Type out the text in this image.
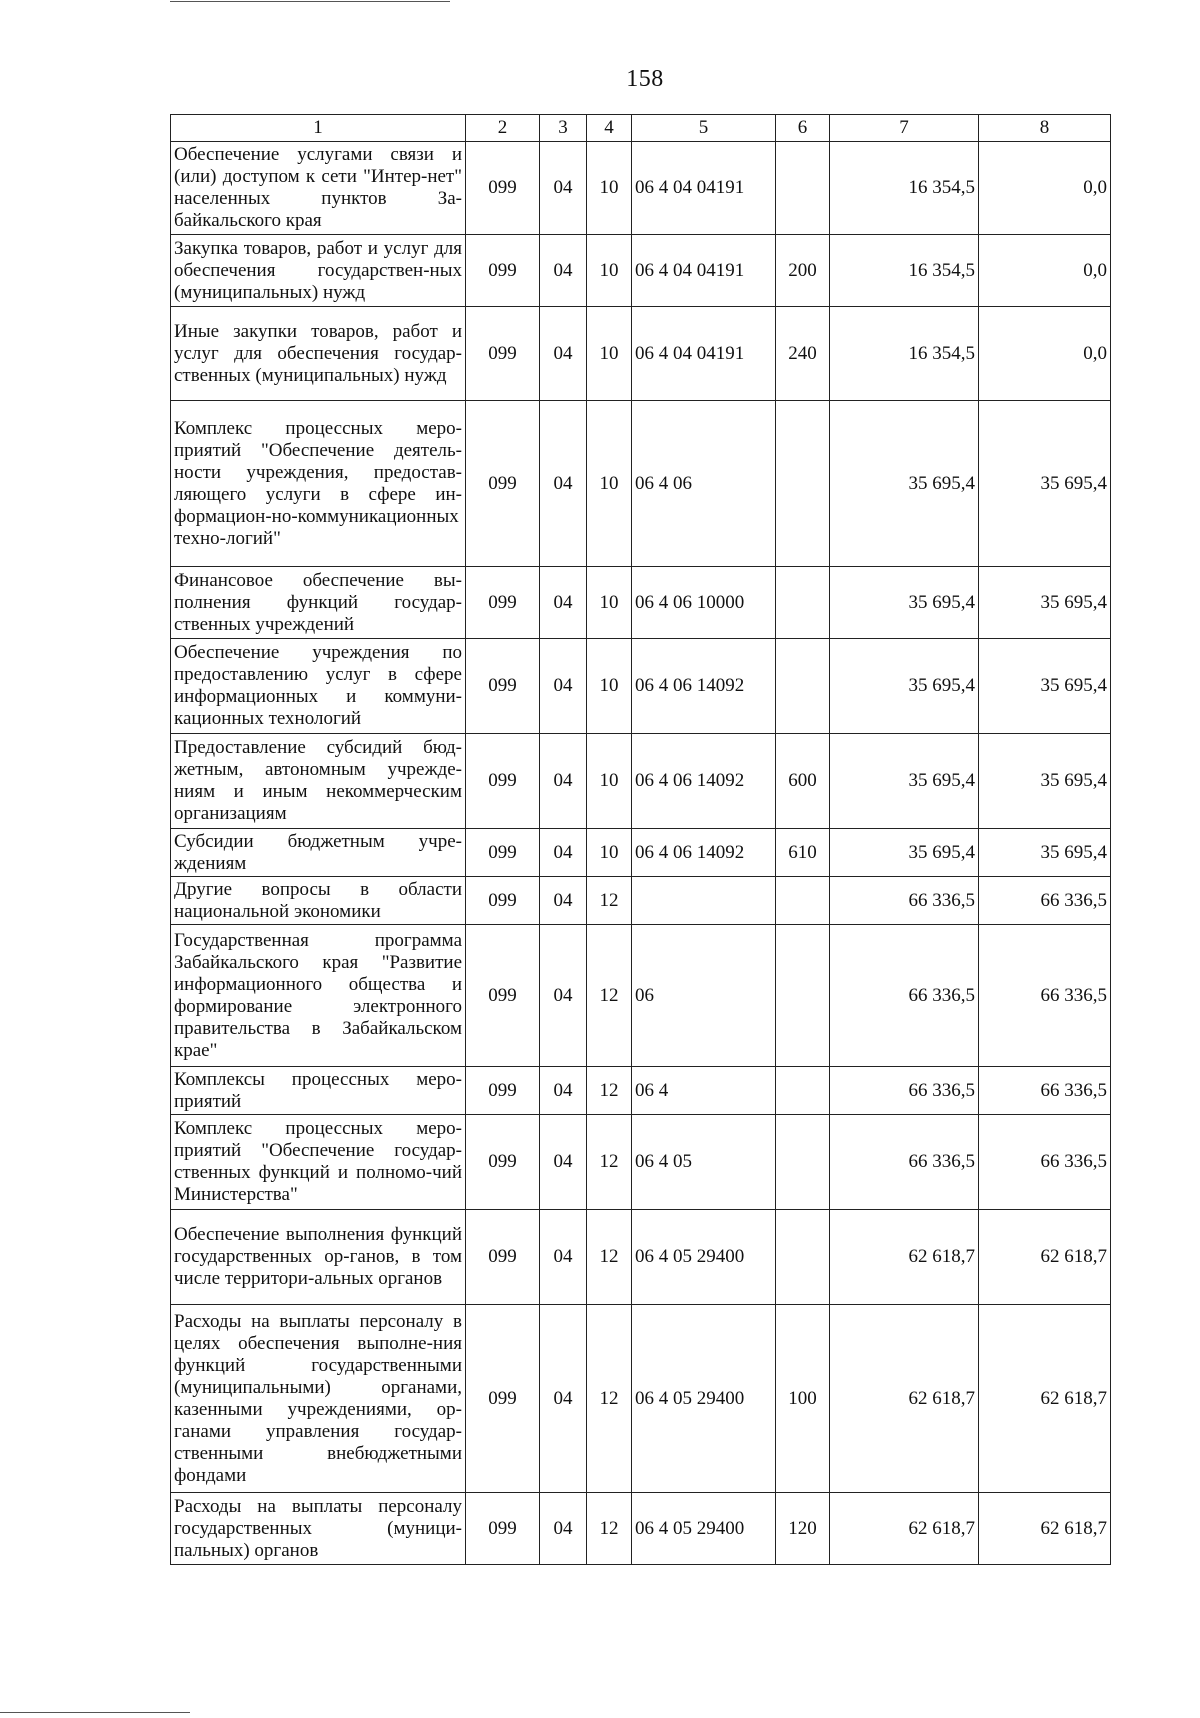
158
1	2	3	4	5	6	7	8
Обеспечение услугами связи и (или) доступом к сети "Интер-нет" населенных пунктов За-байкальского края	099	04	10	06 4 04 04191		16 354,5	0,0
Закупка товаров, работ и услуг для обеспечения государствен-ных (муниципальных) нужд	099	04	10	06 4 04 04191	200	16 354,5	0,0
Иные закупки товаров, работ и услуг для обеспечения государ-ственных (муниципальных) нужд	099	04	10	06 4 04 04191	240	16 354,5	0,0
Комплекс процессных меро-приятий "Обеспечение деятель-ности учреждения, предостав-ляющего услуги в сфере ин-формацион-но-коммуникационных техно-логий"	099	04	10	06 4 06		35 695,4	35 695,4
Финансовое обеспечение вы-полнения функций государ-ственных учреждений	099	04	10	06 4 06 10000		35 695,4	35 695,4
Обеспечение учреждения по предоставлению услуг в сфере информационных и коммуни-кационных технологий	099	04	10	06 4 06 14092		35 695,4	35 695,4
Предоставление субсидий бюд-жетным, автономным учрежде-ниям и иным некоммерческим организациям	099	04	10	06 4 06 14092	600	35 695,4	35 695,4
Субсидии бюджетным учре-ждениям	099	04	10	06 4 06 14092	610	35 695,4	35 695,4
Другие вопросы в области национальной экономики	099	04	12			66 336,5	66 336,5
Государственная программа Забайкальского края "Развитие информационного общества и формирование электронного правительства в Забайкальском крае"	099	04	12	06		66 336,5	66 336,5
Комплексы процессных меро-приятий	099	04	12	06 4		66 336,5	66 336,5
Комплекс процессных меро-приятий "Обеспечение государ-ственных функций и полномо-чий Министерства"	099	04	12	06 4 05		66 336,5	66 336,5
Обеспечение выполнения функций государственных ор-ганов, в том числе территори-альных органов	099	04	12	06 4 05 29400		62 618,7	62 618,7
Расходы на выплаты персоналу в целях обеспечения выполне-ния функций государственными (муниципальными) органами, казенными учреждениями, ор-ганами управления государ-ственными внебюджетными фондами	099	04	12	06 4 05 29400	100	62 618,7	62 618,7
Расходы на выплаты персоналу государственных (муници-пальных) органов	099	04	12	06 4 05 29400	120	62 618,7	62 618,7
